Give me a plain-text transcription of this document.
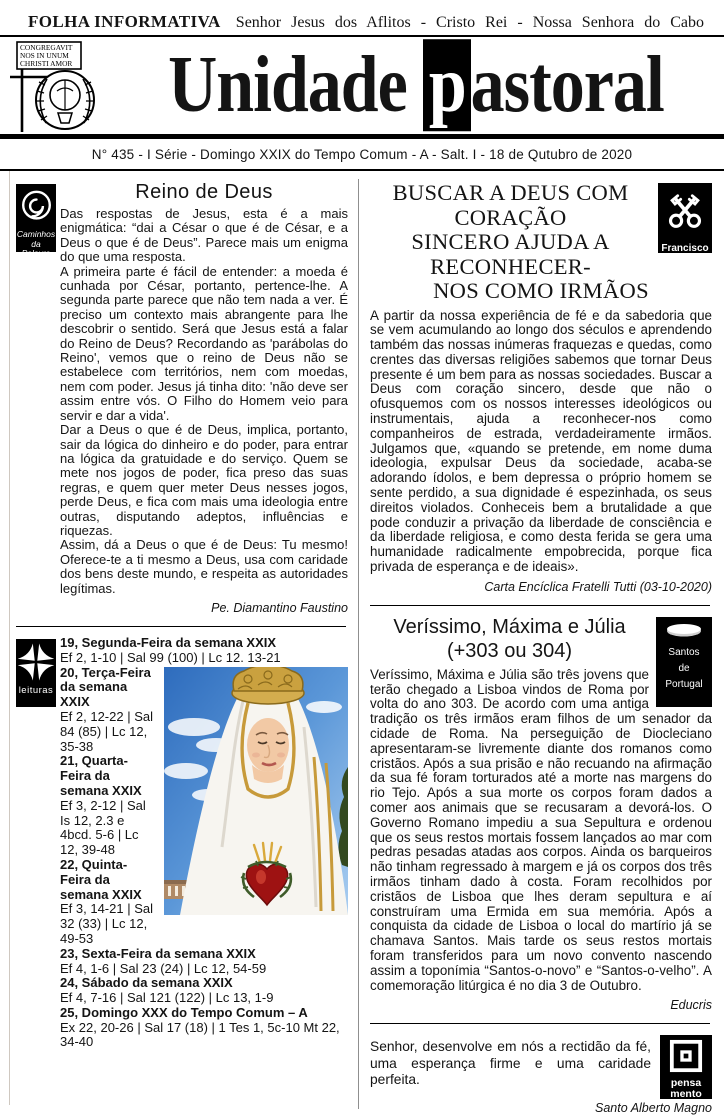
FOLHA INFORMATIVA Senhor Jesus dos Aflitos - Cristo Rei - Nossa Senhora do Cabo
CONGREGAVIT
NOS IN UNUM
CHRISTI AMOR	Unidade pastoral
N° 435 - I Série - Domingo XXIX do Tempo Comum - A - Salt. I - 18 de Qutubro de 2020
Caminhos
da Palavra
Reino de Deus

Das respostas de Jesus, esta é a mais enigmática: “dai a César o que é de César, e a Deus o que é de Deus”. Parece mais um enigma do que uma resposta.

A primeira parte é fácil de entender: a moeda é cunhada por César, portanto, pertence-lhe. A segunda parte parece que não tem nada a ver. É preciso um contexto mais abrangente para lhe descobrir o sentido. Será que Jesus está a falar do Reino de Deus? Recordando as 'parábolas do Reino', vemos que o reino de Deus não se estabelece com territórios, nem com moedas, nem com poder. Jesus já tinha dito: 'não deve ser assim entre vós. O Filho do Homem veio para servir e dar a vida'.

Dar a Deus o que é de Deus, implica, portanto, sair da lógica do dinheiro e do poder, para entrar na lógica da gratuidade e do serviço. Quem se mete nos jogos de poder, fica preso das suas regras, e quem quer meter Deus nesses jogos, perde Deus, e fica com mais uma ideologia entre outras, disputando adeptos, influências e riquezas.

Assim, dá a Deus o que é de Deus: Tu mesmo! Oferece-te a ti mesmo a Deus, usa com caridade dos bens deste mundo, e respeita as autoridades legítimas.

Pe. Diamantino Faustino
leituras
19, Segunda-Feira da semana XXIX
Ef 2, 1-10 | Sal 99 (100) | Lc 12. 13-21
20, Terça-Feira da semana XXIX
Ef 2, 12-22 | Sal 84 (85) | Lc 12, 35-38
21, Quarta-Feira da semana XXIX
Ef 3, 2-12 | Sal Is 12, 2.3 e 4bcd. 5-6 | Lc 12, 39-48
22, Quinta-Feira da semana XXIX
Ef 3, 14-21 | Sal 32 (33) | Lc 12, 49-53
23, Sexta-Feira da semana XXIX
Ef 4, 1-6 | Sal 23 (24) | Lc 12, 54-59
24, Sábado da semana XXIX
Ef 4, 7-16 | Sal 121 (122) | Lc 13, 1-9
25, Domingo XXX do Tempo Comum – A
Ex 22, 20-26 | Sal 17 (18) | 1 Tes 1, 5c-10 Mt 22, 34-40
Francisco
BUSCAR A DEUS COM CORAÇÃO
SINCERO AJUDA A RECONHECER-
NOS COMO IRMÃOS
A partir da nossa experiência de fé e da sabedoria que se vem acumulando ao longo dos séculos e aprendendo também das nossas inúmeras fraquezas e quedas, como crentes das diversas religiões sabemos que tornar Deus presente é um bem para as nossas sociedades. Buscar a Deus com coração sincero, desde que não o ofusquemos com os nossos interesses ideológicos ou instrumentais, ajuda a reconhecer-nos como companheiros de estrada, verdadeiramente irmãos. Julgamos que, «quando se pretende, em nome duma ideologia, expulsar Deus da sociedade, acaba-se adorando ídolos, e bem depressa o próprio homem se sente perdido, a sua dignidade é espezinhada, os seus direitos violados. Conheceis bem a brutalidade a que pode conduzir a privação da liberdade de consciência e da liberdade religiosa, e como desta ferida se gera uma humanidade radicalmente empobrecida, porque fica privada de esperança e de ideais».
Carta Encíclica Fratelli Tutti (03-10-2020)
Santos
de
Portugal
Veríssimo, Máxima e Júlia
(+303 ou 304)
Veríssimo, Máxima e Júlia são três jovens que terão chegado a Lisboa vindos de Roma por volta do ano 303. De acordo com uma antiga tradição os três irmãos eram filhos de um senador da cidade de Roma. Na perseguição de Diocleciano apresentaram-se livremente diante dos romanos como cristãos. Após a sua prisão e não recuando na afirmação da sua fé foram torturados até a morte nas margens do rio Tejo. Após a sua morte os corpos foram dados a comer aos animais que se recusaram a devorá-los. O Governo Romano impediu a sua Sepultura e ordenou que os seus restos mortais fossem lançados ao mar com pedras pesadas atadas aos corpos. Ainda os barqueiros não tinham regressado à margem e já os corpos dos três irmãos tinham dado à costa. Foram recolhidos por cristãos de Lisboa que lhes deram sepultura e aí construíram uma Ermida em sua memória. Após a conquista da cidade de Lisboa o local do martírio já se chamava Santos. Mais tarde os seus restos mortais foram transferidos para um novo convento nascendo assim a toponímia “Santos-o-novo” e “Santos-o-velho”. A comemoração litúrgica é no dia 3 de Outubro.
Educris
pensa
mento
Senhor, desenvolve em nós a rectidão da fé, uma esperança firme e uma caridade perfeita.
Santo Alberto Magno
